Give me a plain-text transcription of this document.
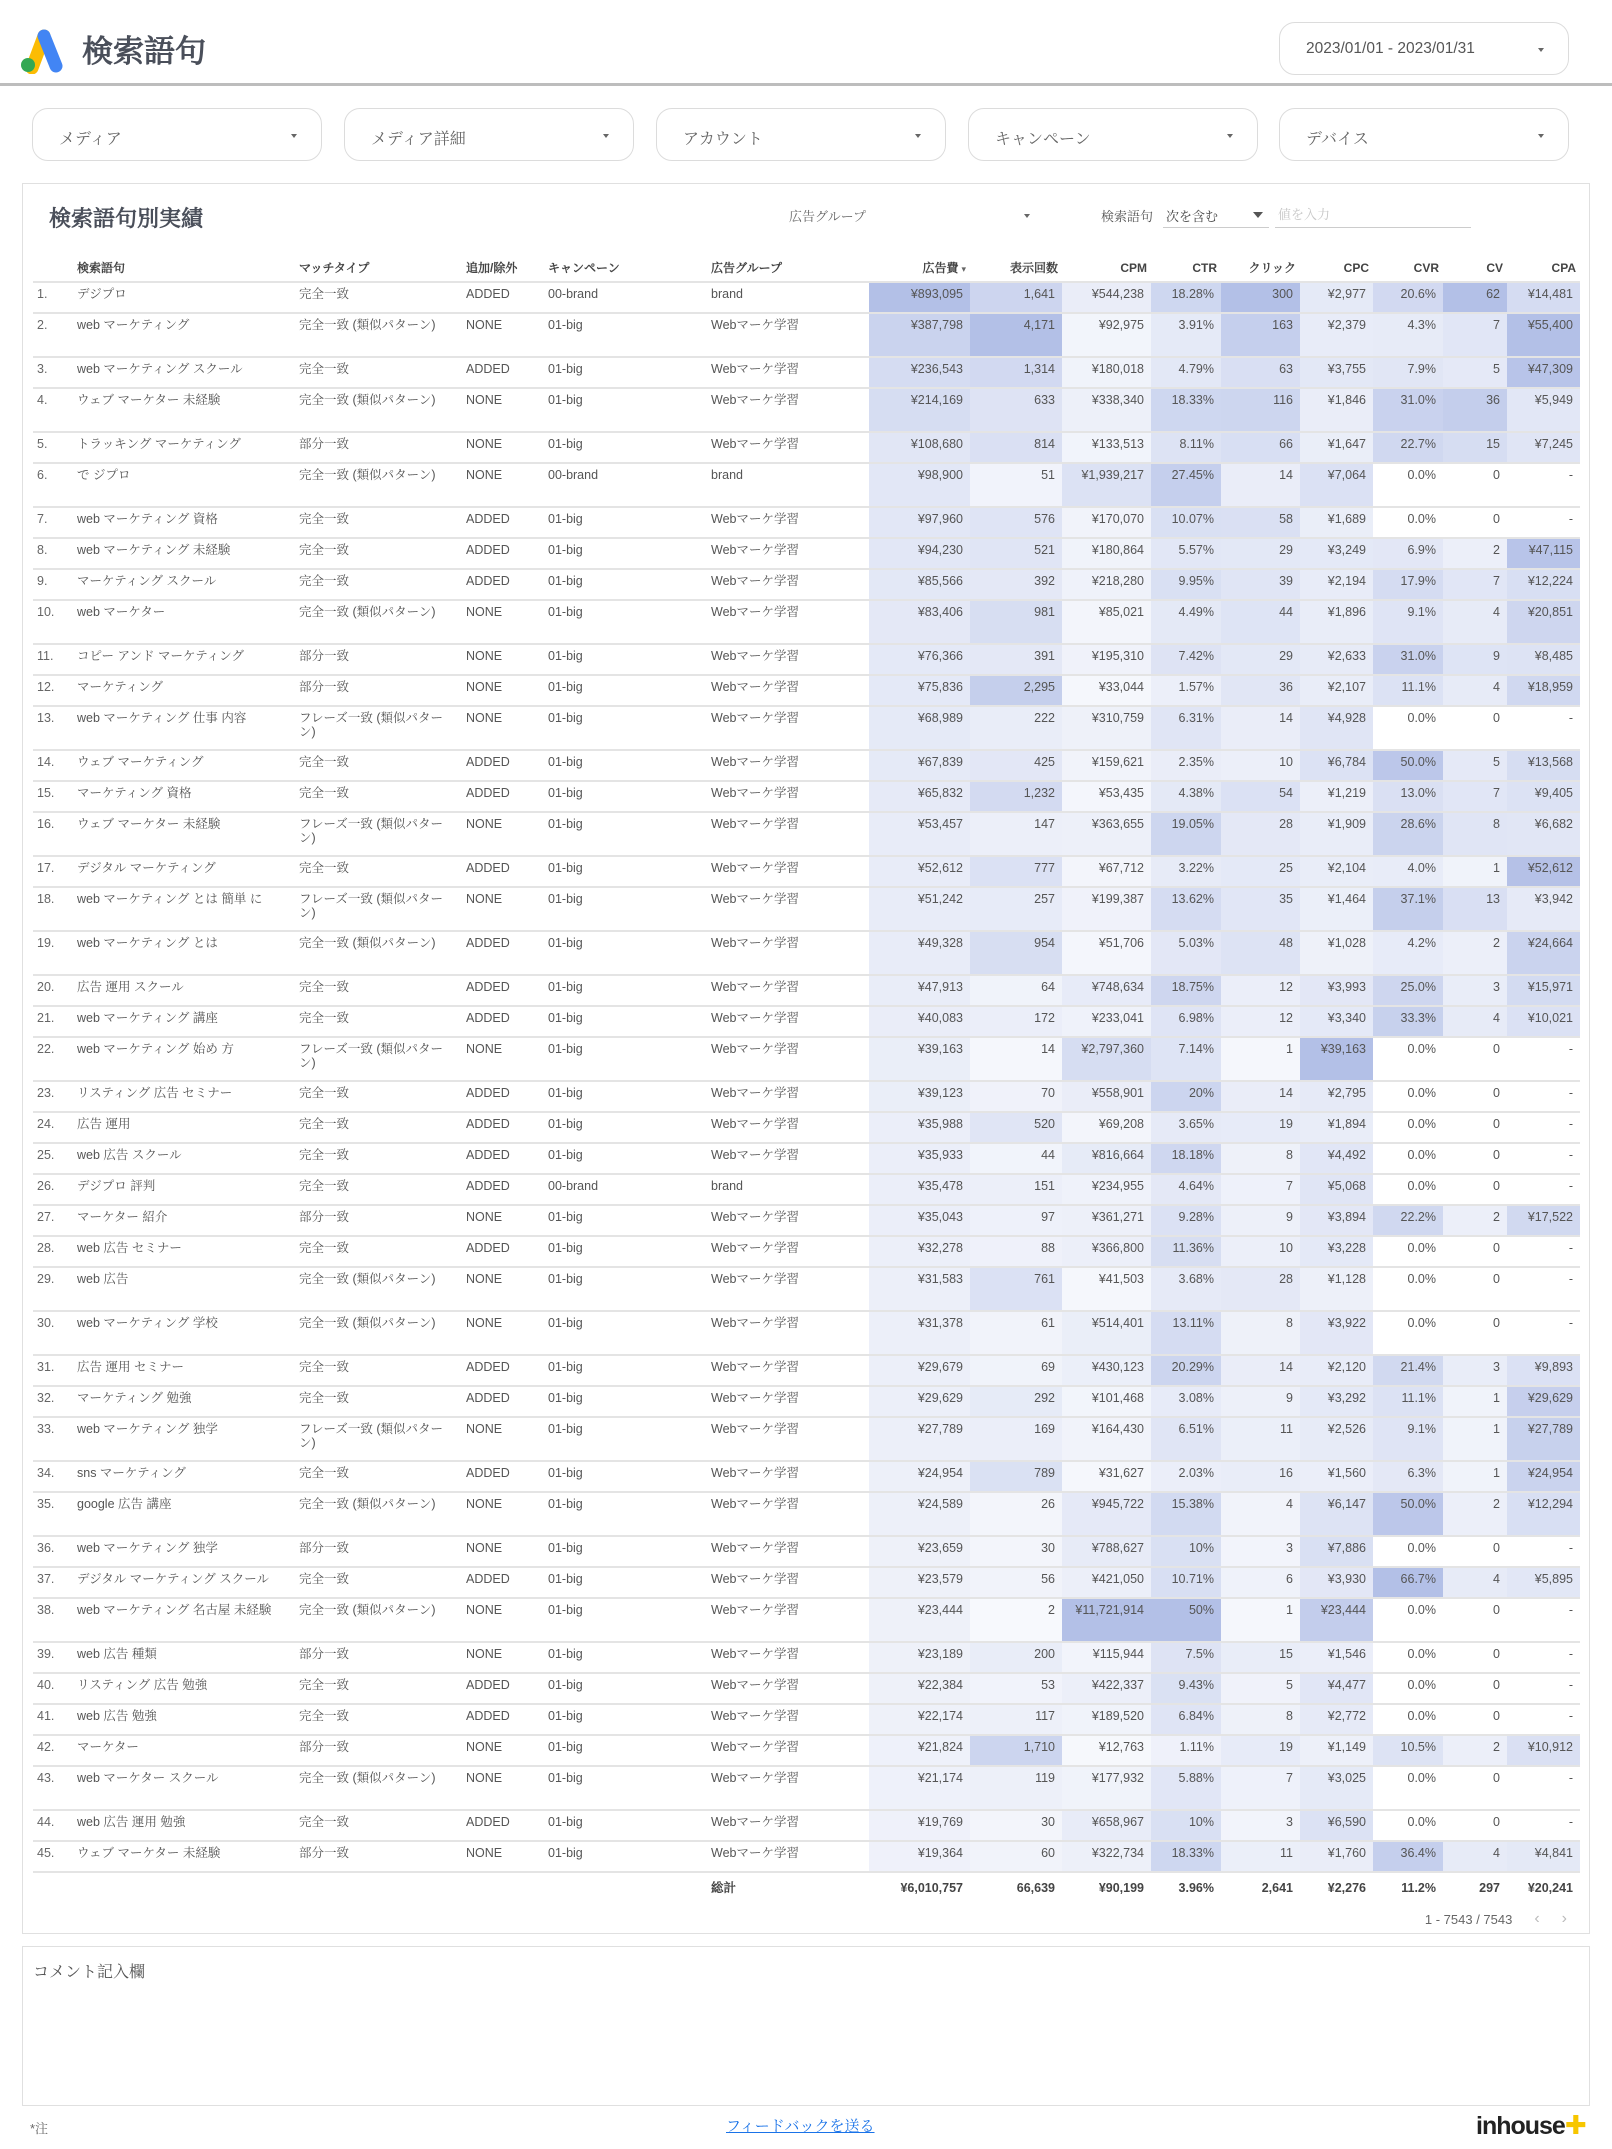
検索語句	2023/01/01 - 2023/01/31
メディア	メディア詳細	アカウント	キャンペーン	デバイス
検索語句別実績	広告グループ	検索語句 次を含む
値を入力
	検索語句	マッチタイプ	追加/除外	キャンペーン	広告グループ	広告費 ▾	表示回数	CPM	CTR	クリック	CPC	CVR	CV	CPA
1.	デジプロ	完全一致	ADDED	00-brand	brand	¥893,095	1,641	¥544,238	18.28%	300	¥2,977	20.6%	62	¥14,481
2.	web マーケティング	完全一致 (類似パターン)	NONE	01-big	Webマーケ学習	¥387,798	4,171	¥92,975	3.91%	163	¥2,379	4.3%	7	¥55,400
3.	web マーケティング スクール	完全一致	ADDED	01-big	Webマーケ学習	¥236,543	1,314	¥180,018	4.79%	63	¥3,755	7.9%	5	¥47,309
4.	ウェブ マーケター 未経験	完全一致 (類似パターン)	NONE	01-big	Webマーケ学習	¥214,169	633	¥338,340	18.33%	116	¥1,846	31.0%	36	¥5,949
5.	トラッキング マーケティング	部分一致	NONE	01-big	Webマーケ学習	¥108,680	814	¥133,513	8.11%	66	¥1,647	22.7%	15	¥7,245
6.	で ジプロ	完全一致 (類似パターン)	NONE	00-brand	brand	¥98,900	51	¥1,939,217	27.45%	14	¥7,064	0.0%	0	-
7.	web マーケティング 資格	完全一致	ADDED	01-big	Webマーケ学習	¥97,960	576	¥170,070	10.07%	58	¥1,689	0.0%	0	-
8.	web マーケティング 未経験	完全一致	ADDED	01-big	Webマーケ学習	¥94,230	521	¥180,864	5.57%	29	¥3,249	6.9%	2	¥47,115
9.	マーケティング スクール	完全一致	ADDED	01-big	Webマーケ学習	¥85,566	392	¥218,280	9.95%	39	¥2,194	17.9%	7	¥12,224
10.	web マーケター	完全一致 (類似パターン)	NONE	01-big	Webマーケ学習	¥83,406	981	¥85,021	4.49%	44	¥1,896	9.1%	4	¥20,851
11.	コピー アンド マーケティング	部分一致	NONE	01-big	Webマーケ学習	¥76,366	391	¥195,310	7.42%	29	¥2,633	31.0%	9	¥8,485
12.	マーケティング	部分一致	NONE	01-big	Webマーケ学習	¥75,836	2,295	¥33,044	1.57%	36	¥2,107	11.1%	4	¥18,959
13.	web マーケティング 仕事 内容	フレーズ一致 (類似パターン)	NONE	01-big	Webマーケ学習	¥68,989	222	¥310,759	6.31%	14	¥4,928	0.0%	0	-
14.	ウェブ マーケティング	完全一致	ADDED	01-big	Webマーケ学習	¥67,839	425	¥159,621	2.35%	10	¥6,784	50.0%	5	¥13,568
15.	マーケティング 資格	完全一致	ADDED	01-big	Webマーケ学習	¥65,832	1,232	¥53,435	4.38%	54	¥1,219	13.0%	7	¥9,405
16.	ウェブ マーケター 未経験	フレーズ一致 (類似パターン)	NONE	01-big	Webマーケ学習	¥53,457	147	¥363,655	19.05%	28	¥1,909	28.6%	8	¥6,682
17.	デジタル マーケティング	完全一致	ADDED	01-big	Webマーケ学習	¥52,612	777	¥67,712	3.22%	25	¥2,104	4.0%	1	¥52,612
18.	web マーケティング とは 簡単 に	フレーズ一致 (類似パターン)	NONE	01-big	Webマーケ学習	¥51,242	257	¥199,387	13.62%	35	¥1,464	37.1%	13	¥3,942
19.	web マーケティング とは	完全一致 (類似パターン)	ADDED	01-big	Webマーケ学習	¥49,328	954	¥51,706	5.03%	48	¥1,028	4.2%	2	¥24,664
20.	広告 運用 スクール	完全一致	ADDED	01-big	Webマーケ学習	¥47,913	64	¥748,634	18.75%	12	¥3,993	25.0%	3	¥15,971
21.	web マーケティング 講座	完全一致	ADDED	01-big	Webマーケ学習	¥40,083	172	¥233,041	6.98%	12	¥3,340	33.3%	4	¥10,021
22.	web マーケティング 始め 方	フレーズ一致 (類似パターン)	NONE	01-big	Webマーケ学習	¥39,163	14	¥2,797,360	7.14%	1	¥39,163	0.0%	0	-
23.	リスティング 広告 セミナー	完全一致	ADDED	01-big	Webマーケ学習	¥39,123	70	¥558,901	20%	14	¥2,795	0.0%	0	-
24.	広告 運用	完全一致	ADDED	01-big	Webマーケ学習	¥35,988	520	¥69,208	3.65%	19	¥1,894	0.0%	0	-
25.	web 広告 スクール	完全一致	ADDED	01-big	Webマーケ学習	¥35,933	44	¥816,664	18.18%	8	¥4,492	0.0%	0	-
26.	デジプロ 評判	完全一致	ADDED	00-brand	brand	¥35,478	151	¥234,955	4.64%	7	¥5,068	0.0%	0	-
27.	マーケター 紹介	部分一致	NONE	01-big	Webマーケ学習	¥35,043	97	¥361,271	9.28%	9	¥3,894	22.2%	2	¥17,522
28.	web 広告 セミナー	完全一致	ADDED	01-big	Webマーケ学習	¥32,278	88	¥366,800	11.36%	10	¥3,228	0.0%	0	-
29.	web 広告	完全一致 (類似パターン)	NONE	01-big	Webマーケ学習	¥31,583	761	¥41,503	3.68%	28	¥1,128	0.0%	0	-
30.	web マーケティング 学校	完全一致 (類似パターン)	NONE	01-big	Webマーケ学習	¥31,378	61	¥514,401	13.11%	8	¥3,922	0.0%	0	-
31.	広告 運用 セミナー	完全一致	ADDED	01-big	Webマーケ学習	¥29,679	69	¥430,123	20.29%	14	¥2,120	21.4%	3	¥9,893
32.	マーケティング 勉強	完全一致	ADDED	01-big	Webマーケ学習	¥29,629	292	¥101,468	3.08%	9	¥3,292	11.1%	1	¥29,629
33.	web マーケティング 独学	フレーズ一致 (類似パターン)	NONE	01-big	Webマーケ学習	¥27,789	169	¥164,430	6.51%	11	¥2,526	9.1%	1	¥27,789
34.	sns マーケティング	完全一致	ADDED	01-big	Webマーケ学習	¥24,954	789	¥31,627	2.03%	16	¥1,560	6.3%	1	¥24,954
35.	google 広告 講座	完全一致 (類似パターン)	NONE	01-big	Webマーケ学習	¥24,589	26	¥945,722	15.38%	4	¥6,147	50.0%	2	¥12,294
36.	web マーケティング 独学	部分一致	NONE	01-big	Webマーケ学習	¥23,659	30	¥788,627	10%	3	¥7,886	0.0%	0	-
37.	デジタル マーケティング スクール	完全一致	ADDED	01-big	Webマーケ学習	¥23,579	56	¥421,050	10.71%	6	¥3,930	66.7%	4	¥5,895
38.	web マーケティング 名古屋 未経験	完全一致 (類似パターン)	NONE	01-big	Webマーケ学習	¥23,444	2	¥11,721,914	50%	1	¥23,444	0.0%	0	-
39.	web 広告 種類	部分一致	NONE	01-big	Webマーケ学習	¥23,189	200	¥115,944	7.5%	15	¥1,546	0.0%	0	-
40.	リスティング 広告 勉強	完全一致	ADDED	01-big	Webマーケ学習	¥22,384	53	¥422,337	9.43%	5	¥4,477	0.0%	0	-
41.	web 広告 勉強	完全一致	ADDED	01-big	Webマーケ学習	¥22,174	117	¥189,520	6.84%	8	¥2,772	0.0%	0	-
42.	マーケター	部分一致	NONE	01-big	Webマーケ学習	¥21,824	1,710	¥12,763	1.11%	19	¥1,149	10.5%	2	¥10,912
43.	web マーケター スクール	完全一致 (類似パターン)	NONE	01-big	Webマーケ学習	¥21,174	119	¥177,932	5.88%	7	¥3,025	0.0%	0	-
44.	web 広告 運用 勉強	完全一致	ADDED	01-big	Webマーケ学習	¥19,769	30	¥658,967	10%	3	¥6,590	0.0%	0	-
45.	ウェブ マーケター 未経験	部分一致	NONE	01-big	Webマーケ学習	¥19,364	60	¥322,734	18.33%	11	¥1,760	36.4%	4	¥4,841
					総計	¥6,010,757	66,639	¥90,199	3.96%	2,641	¥2,276	11.2%	297	¥20,241
1 - 7543 / 7543 ‹ ›
コメント記入欄
*注	フィードバックを送る	inhouse✚
